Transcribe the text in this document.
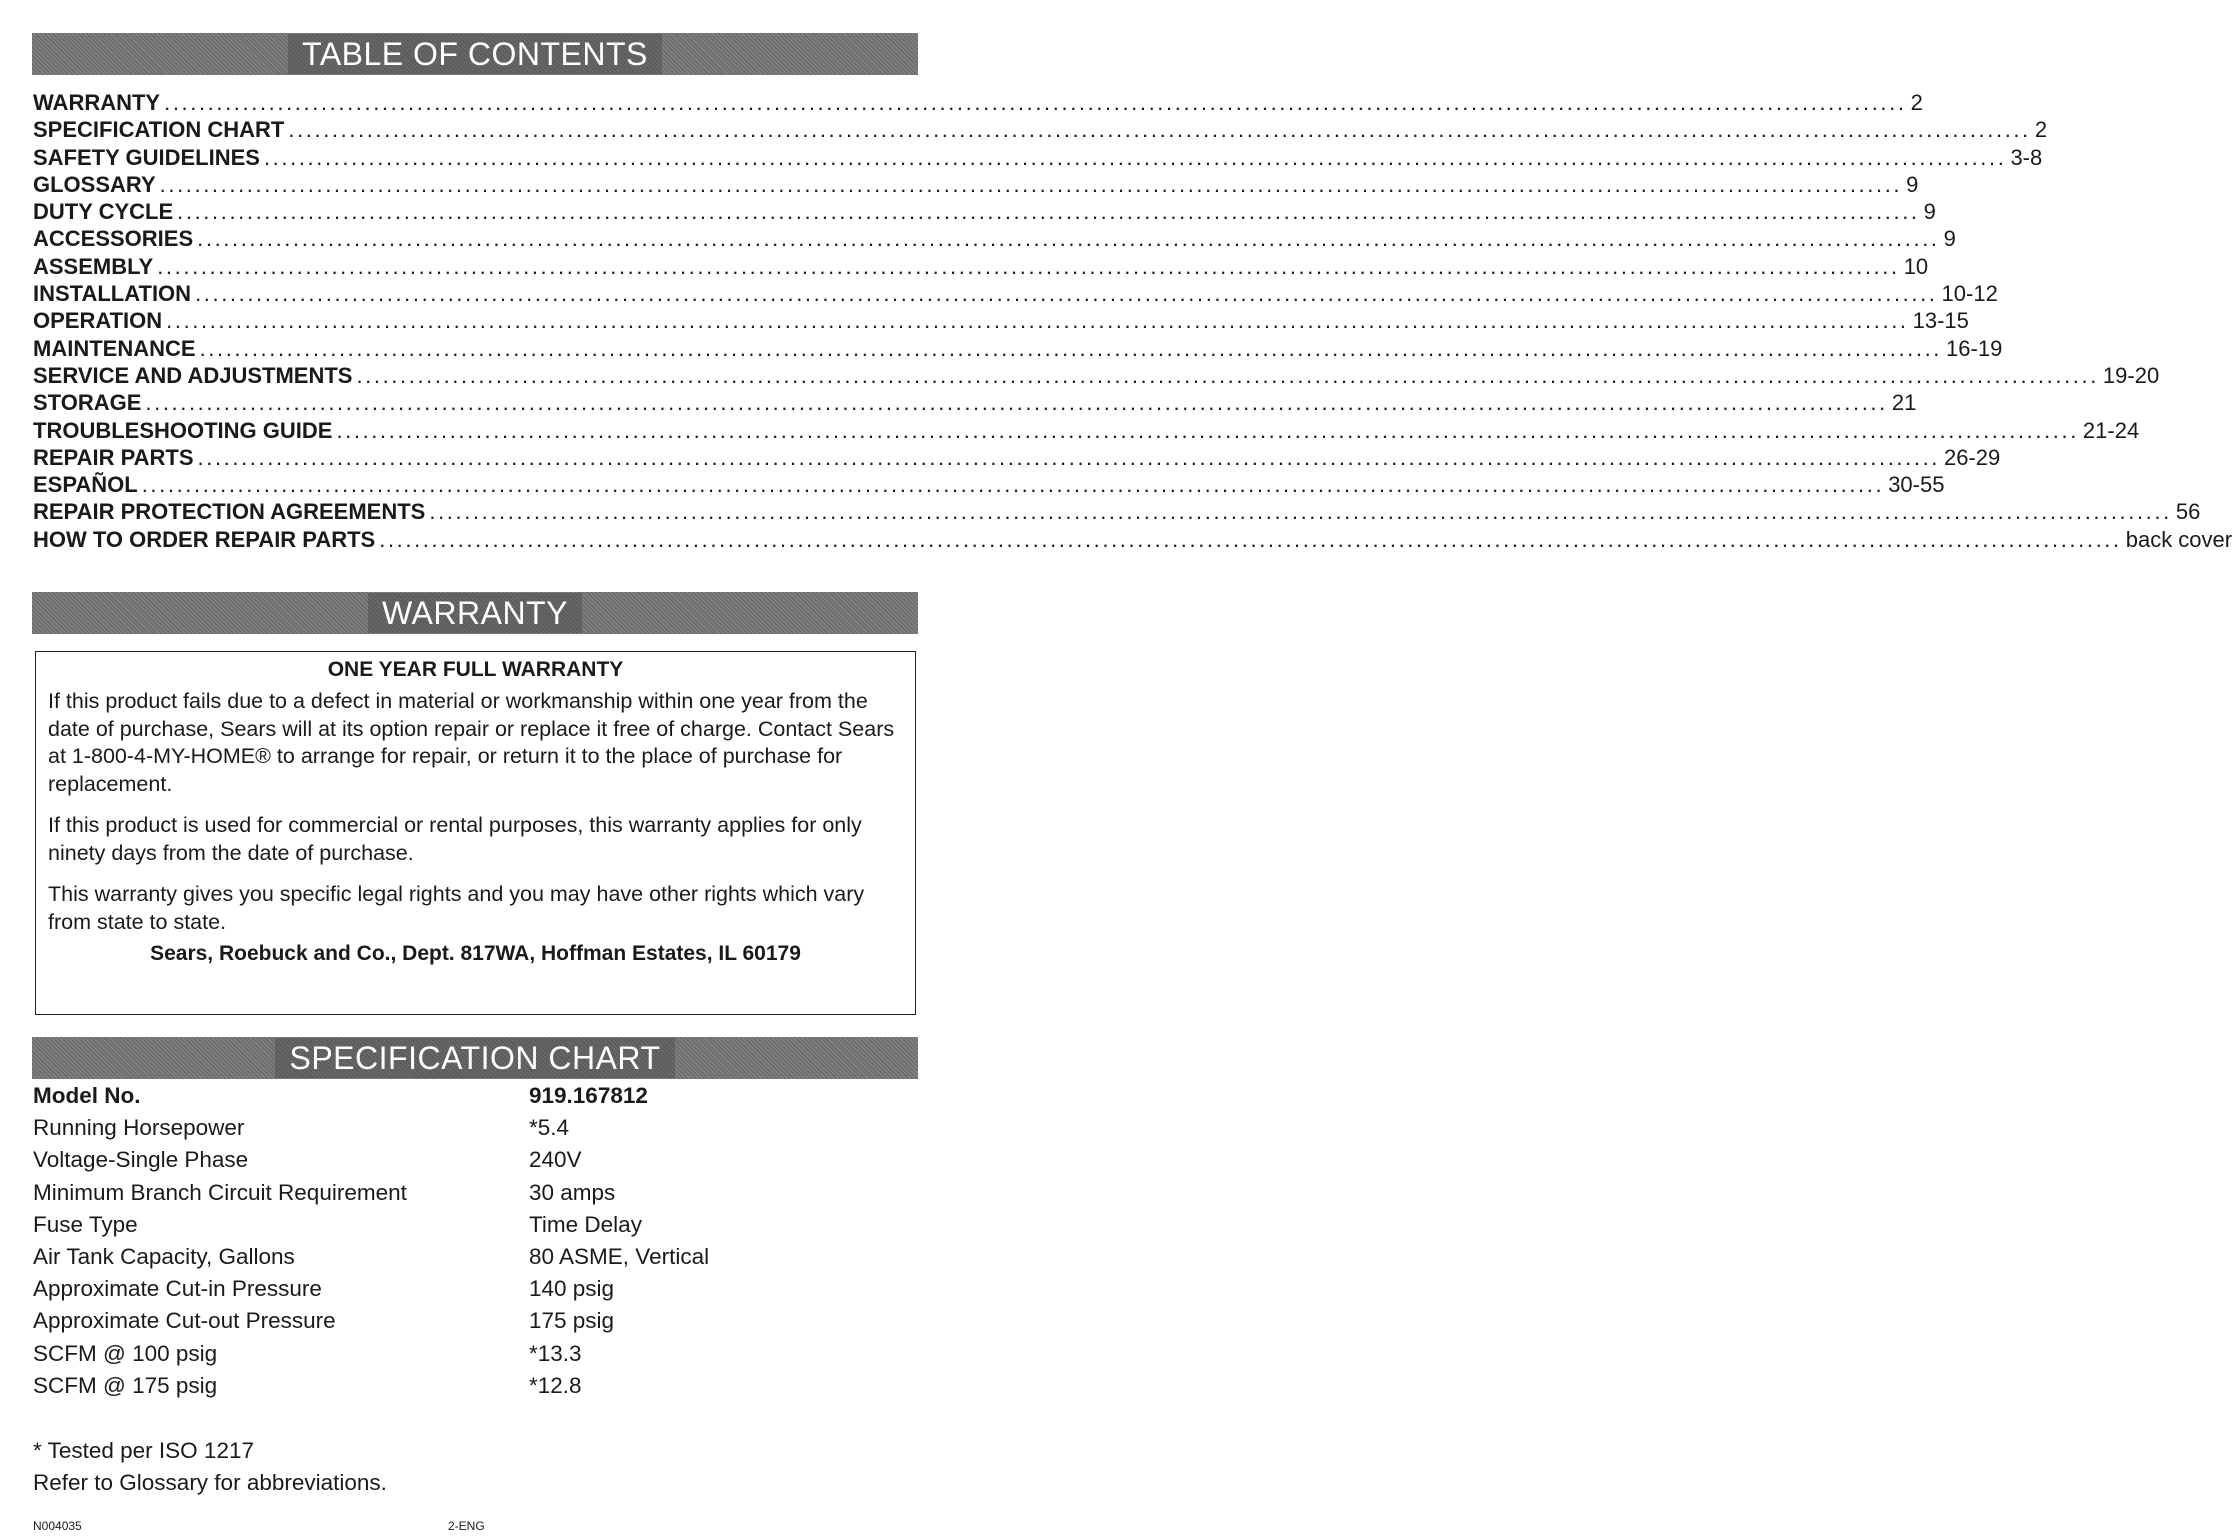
TABLE OF CONTENTS
WARRANTY ........................................................................................................................................................................................................ 2
SPECIFICATION CHART ........................................................................................................................................................................................................ 2
SAFETY GUIDELINES ........................................................................................................................................................................................................ 3-8
GLOSSARY ........................................................................................................................................................................................................ 9
DUTY CYCLE ........................................................................................................................................................................................................ 9
ACCESSORIES ........................................................................................................................................................................................................ 9
ASSEMBLY ........................................................................................................................................................................................................ 10
INSTALLATION ........................................................................................................................................................................................................ 10-12
OPERATION ........................................................................................................................................................................................................ 13-15
MAINTENANCE ........................................................................................................................................................................................................ 16-19
SERVICE AND ADJUSTMENTS ........................................................................................................................................................................................................ 19-20
STORAGE ........................................................................................................................................................................................................ 21
TROUBLESHOOTING GUIDE ........................................................................................................................................................................................................ 21-24
REPAIR PARTS ........................................................................................................................................................................................................ 26-29
ESPAÑOL ........................................................................................................................................................................................................ 30-55
REPAIR PROTECTION AGREEMENTS ........................................................................................................................................................................................................ 56
HOW TO ORDER REPAIR PARTS ........................................................................................................................................................................................................ back cover
WARRANTY
ONE YEAR FULL WARRANTY

If this product fails due to a defect in material or workmanship within one year from the date of purchase, Sears will at its option repair or replace it free of charge. Contact Sears at 1-800-4-MY-HOME® to arrange for repair, or return it to the place of purchase for replacement.

If this product is used for commercial or rental purposes, this warranty applies for only ninety days from the date of purchase.

This warranty gives you specific legal rights and you may have other rights which vary from state to state.

Sears, Roebuck and Co., Dept. 817WA, Hoffman Estates, IL 60179
SPECIFICATION CHART
Model No.	919.167812
Running Horsepower	*5.4
Voltage-Single Phase	240V
Minimum Branch Circuit Requirement	30 amps
Fuse Type	Time Delay
Air Tank Capacity, Gallons	80 ASME, Vertical
Approximate Cut-in Pressure	140 psig
Approximate Cut-out Pressure	175 psig
SCFM @ 100 psig	*13.3
SCFM @ 175 psig	*12.8
* Tested per ISO 1217
Refer to Glossary for abbreviations.
N004035	2-ENG
